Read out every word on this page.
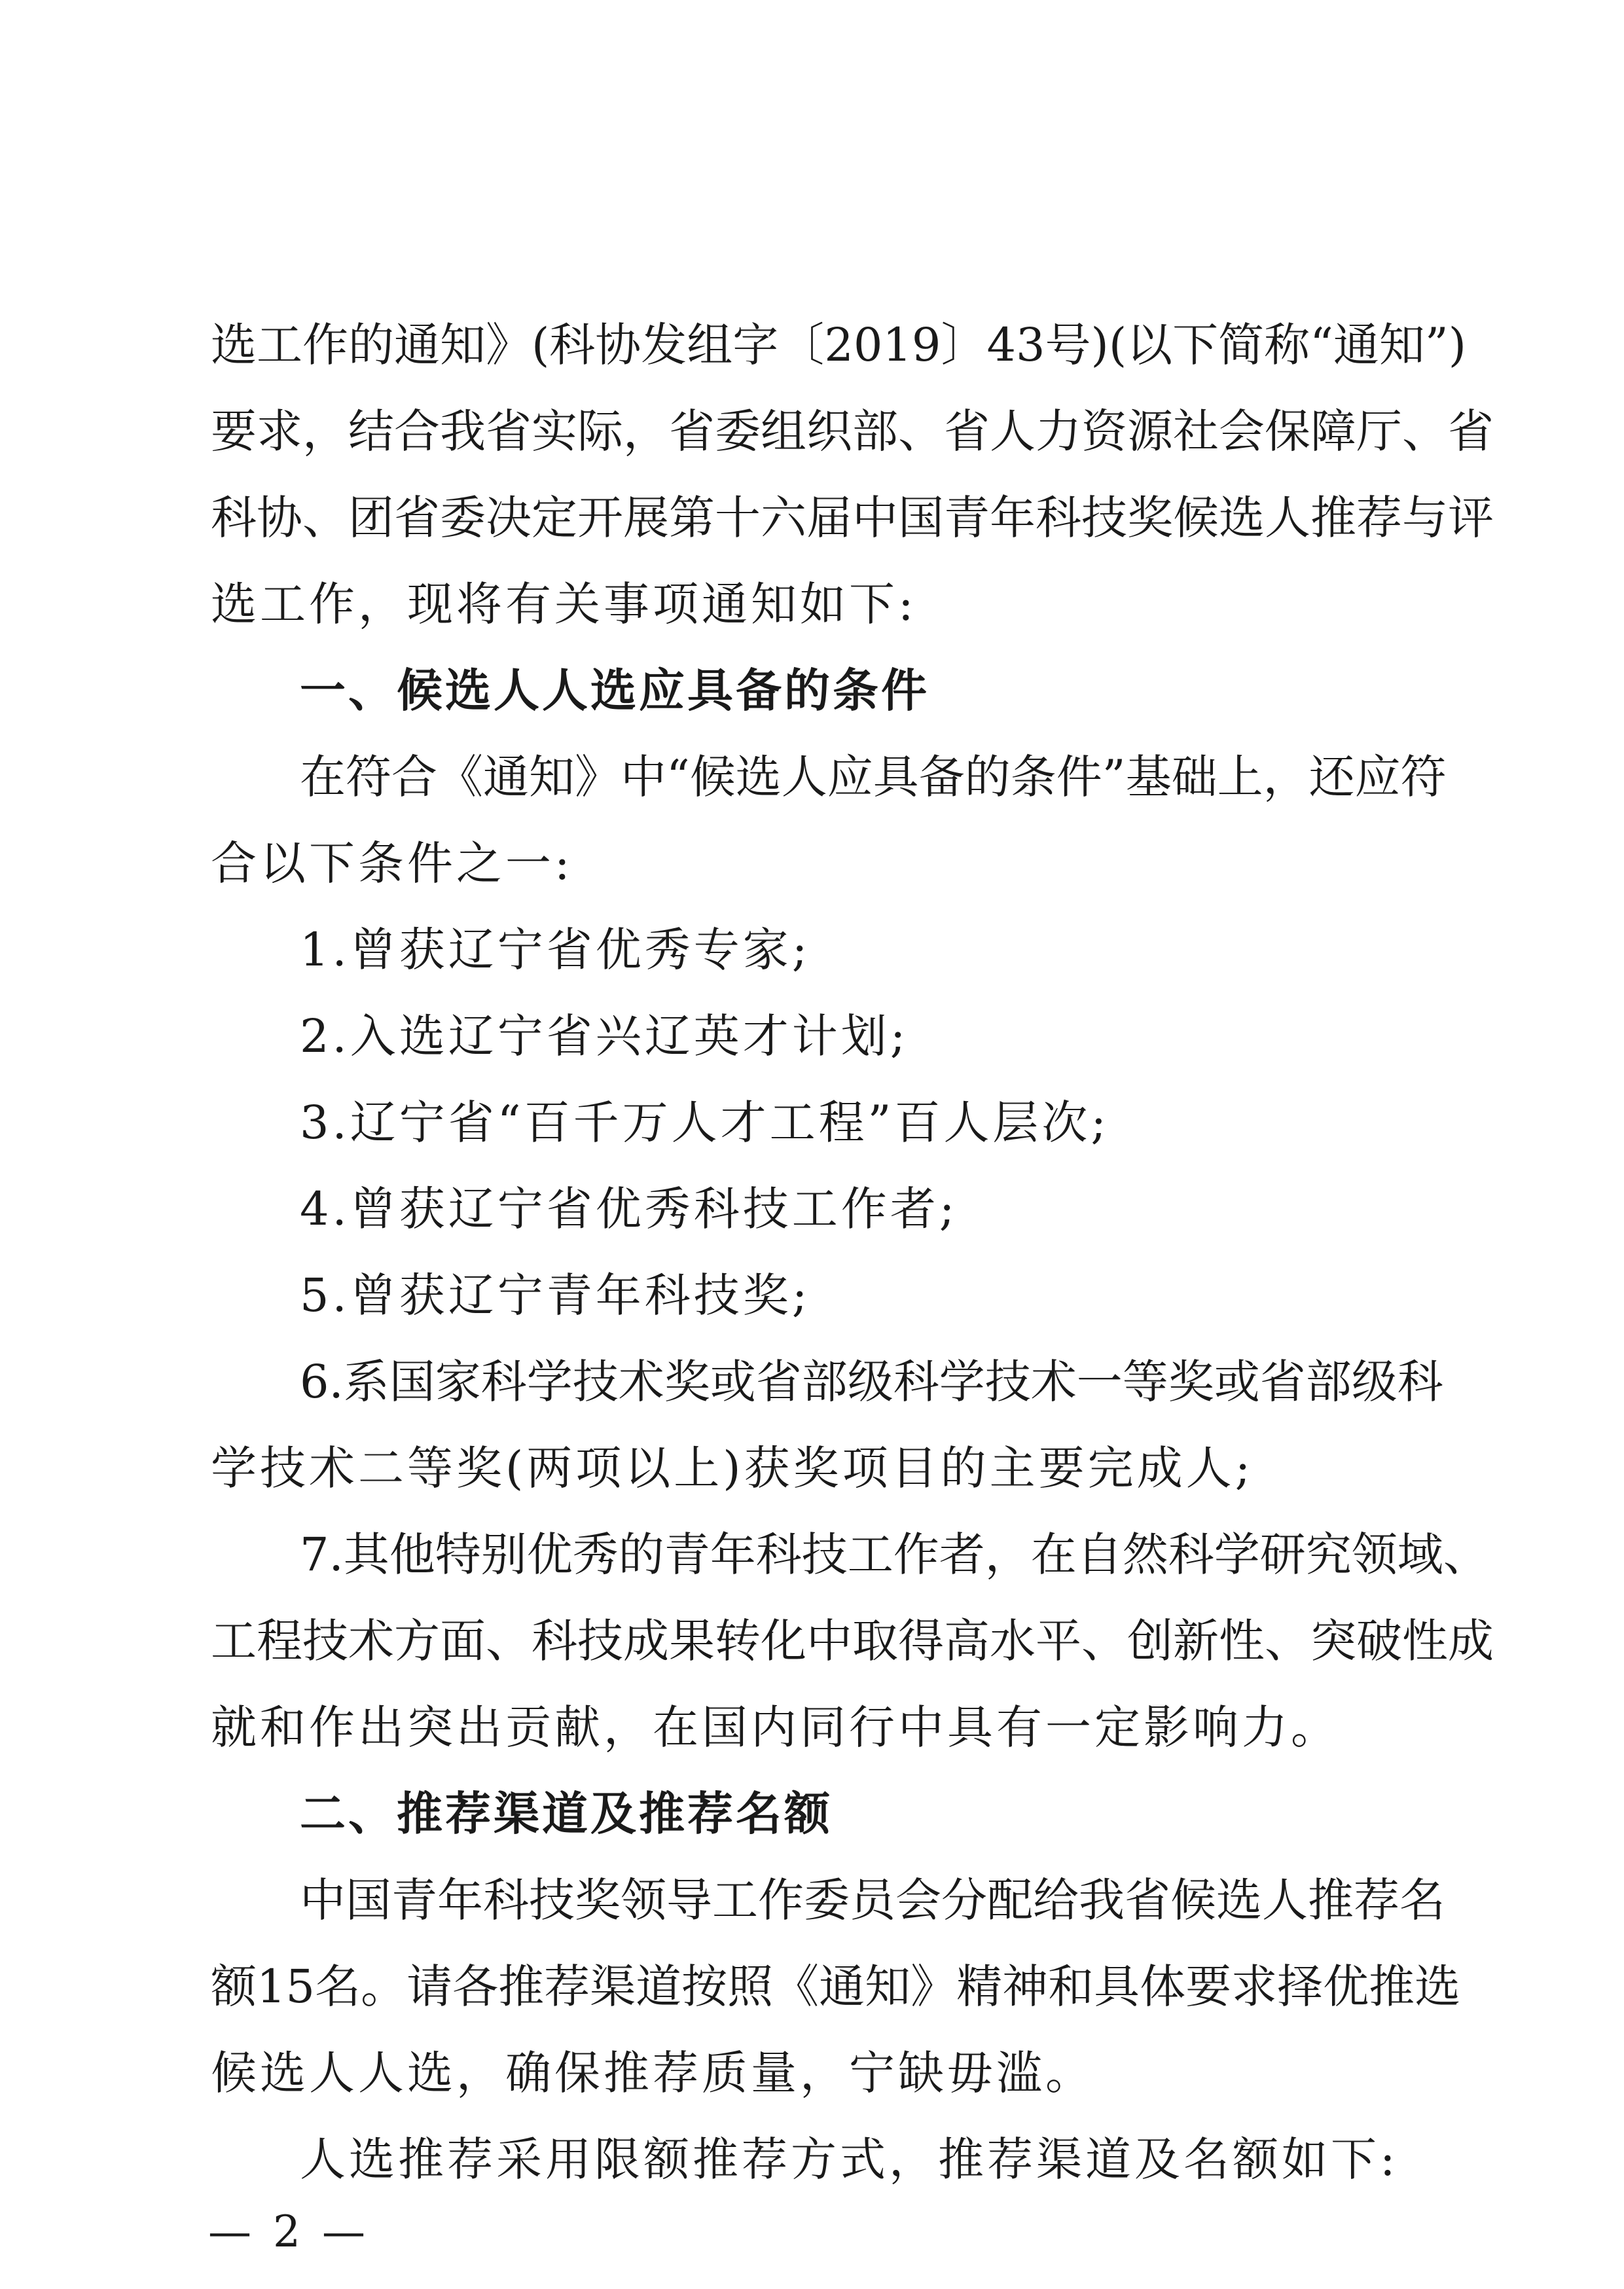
选工作的通知》(科协发组字〔2019〕43号)(以下简称“通知”)
要求，结合我省实际，省委组织部、省人力资源社会保障厅、省
科协、团省委决定开展第十六届中国青年科技奖候选人推荐与评
选工作，现将有关事项通知如下:
一、候选人人选应具备的条件
在符合《通知》中“候选人应具备的条件”基础上，还应符
合以下条件之一:
1.曾获辽宁省优秀专家;
2.入选辽宁省兴辽英才计划;
3.辽宁省“百千万人才工程”百人层次;
4.曾获辽宁省优秀科技工作者;
5.曾获辽宁青年科技奖;
6.系国家科学技术奖或省部级科学技术一等奖或省部级科
学技术二等奖(两项以上)获奖项目的主要完成人;
7.其他特别优秀的青年科技工作者，在自然科学研究领域、
工程技术方面、科技成果转化中取得高水平、创新性、突破性成
就和作出突出贡献，在国内同行中具有一定影响力。
二、推荐渠道及推荐名额
中国青年科技奖领导工作委员会分配给我省候选人推荐名
额15名。请各推荐渠道按照《通知》精神和具体要求择优推选
候选人人选，确保推荐质量，宁缺毋滥。
人选推荐采用限额推荐方式，推荐渠道及名额如下:
— 2 —
